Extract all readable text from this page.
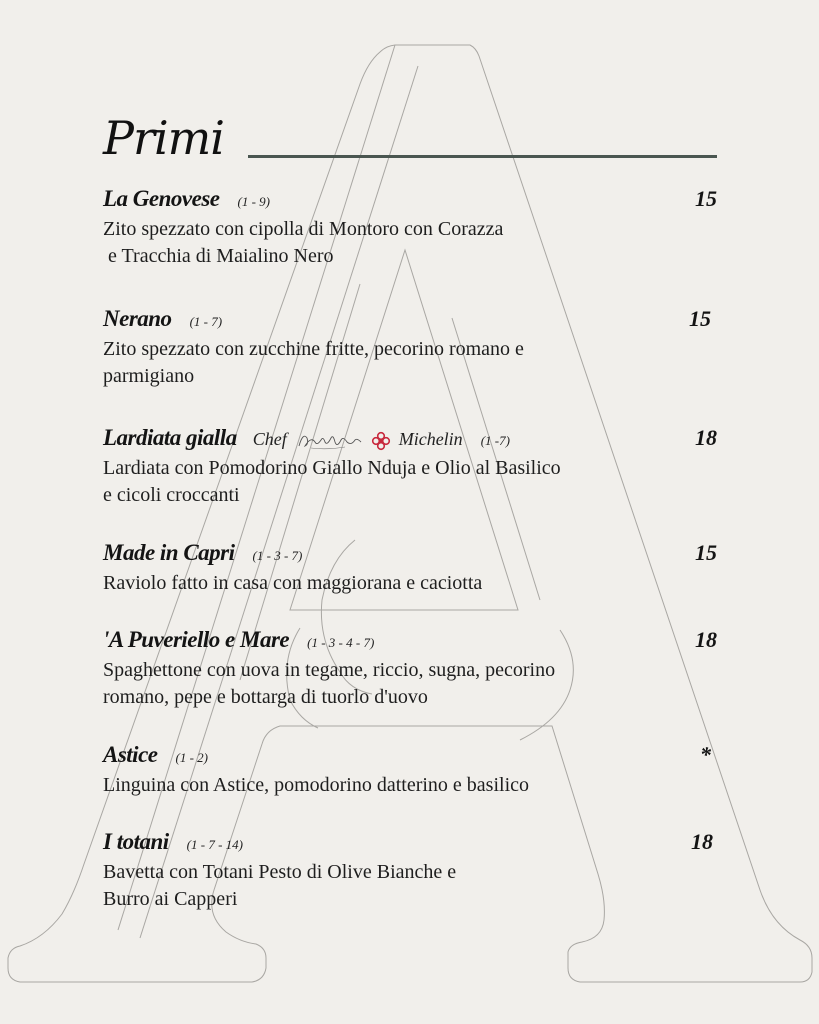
Primi
La Genovese (1 - 9)	15
Zito spezzato con cipolla di Montoro con Corazza
e Tracchia di Maialino Nero
Nerano (1 - 7)	15
Zito spezzato con zucchine fritte, pecorino romano e
parmigiano
Lardiata gialla Chef	Michelin (1 -7)	18
Lardiata con Pomodorino Giallo Nduja e Olio al Basilico
e cicoli croccanti
Made in Capri (1 - 3 - 7)	15
Raviolo fatto in casa con maggiorana e caciotta
'A Puveriello e Mare (1 - 3 - 4 - 7)	18
Spaghettone con uova in tegame, riccio, sugna, pecorino
romano, pepe e bottarga di tuorlo d'uovo
Astice (1 - 2)	*
Linguina con Astice, pomodorino datterino e basilico
I totani (1 - 7 - 14)	18
Bavetta con Totani Pesto di Olive Bianche e
Burro ai Capperi
